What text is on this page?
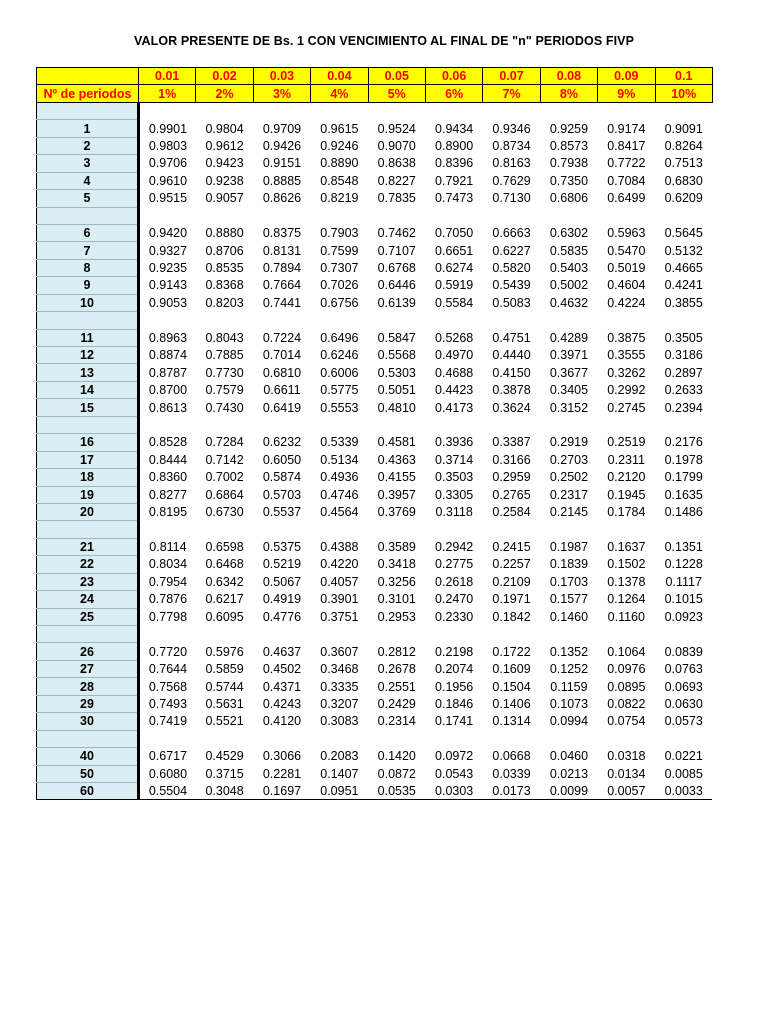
VALOR PRESENTE DE Bs. 1 CON VENCIMIENTO AL FINAL DE "n" PERIODOS FIVP
	0.01	0.02	0.03	0.04	0.05	0.06	0.07	0.08	0.09	0.1
Nº de periodos	1%	2%	3%	4%	5%	6%	7%	8%	9%	10%

1	0.9901	0.9804	0.9709	0.9615	0.9524	0.9434	0.9346	0.9259	0.9174	0.9091
2	0.9803	0.9612	0.9426	0.9246	0.9070	0.8900	0.8734	0.8573	0.8417	0.8264
3	0.9706	0.9423	0.9151	0.8890	0.8638	0.8396	0.8163	0.7938	0.7722	0.7513
4	0.9610	0.9238	0.8885	0.8548	0.8227	0.7921	0.7629	0.7350	0.7084	0.6830
5	0.9515	0.9057	0.8626	0.8219	0.7835	0.7473	0.7130	0.6806	0.6499	0.6209

6	0.9420	0.8880	0.8375	0.7903	0.7462	0.7050	0.6663	0.6302	0.5963	0.5645
7	0.9327	0.8706	0.8131	0.7599	0.7107	0.6651	0.6227	0.5835	0.5470	0.5132
8	0.9235	0.8535	0.7894	0.7307	0.6768	0.6274	0.5820	0.5403	0.5019	0.4665
9	0.9143	0.8368	0.7664	0.7026	0.6446	0.5919	0.5439	0.5002	0.4604	0.4241
10	0.9053	0.8203	0.7441	0.6756	0.6139	0.5584	0.5083	0.4632	0.4224	0.3855

11	0.8963	0.8043	0.7224	0.6496	0.5847	0.5268	0.4751	0.4289	0.3875	0.3505
12	0.8874	0.7885	0.7014	0.6246	0.5568	0.4970	0.4440	0.3971	0.3555	0.3186
13	0.8787	0.7730	0.6810	0.6006	0.5303	0.4688	0.4150	0.3677	0.3262	0.2897
14	0.8700	0.7579	0.6611	0.5775	0.5051	0.4423	0.3878	0.3405	0.2992	0.2633
15	0.8613	0.7430	0.6419	0.5553	0.4810	0.4173	0.3624	0.3152	0.2745	0.2394

16	0.8528	0.7284	0.6232	0.5339	0.4581	0.3936	0.3387	0.2919	0.2519	0.2176
17	0.8444	0.7142	0.6050	0.5134	0.4363	0.3714	0.3166	0.2703	0.2311	0.1978
18	0.8360	0.7002	0.5874	0.4936	0.4155	0.3503	0.2959	0.2502	0.2120	0.1799
19	0.8277	0.6864	0.5703	0.4746	0.3957	0.3305	0.2765	0.2317	0.1945	0.1635
20	0.8195	0.6730	0.5537	0.4564	0.3769	0.3118	0.2584	0.2145	0.1784	0.1486

21	0.8114	0.6598	0.5375	0.4388	0.3589	0.2942	0.2415	0.1987	0.1637	0.1351
22	0.8034	0.6468	0.5219	0.4220	0.3418	0.2775	0.2257	0.1839	0.1502	0.1228
23	0.7954	0.6342	0.5067	0.4057	0.3256	0.2618	0.2109	0.1703	0.1378	0.1117
24	0.7876	0.6217	0.4919	0.3901	0.3101	0.2470	0.1971	0.1577	0.1264	0.1015
25	0.7798	0.6095	0.4776	0.3751	0.2953	0.2330	0.1842	0.1460	0.1160	0.0923

26	0.7720	0.5976	0.4637	0.3607	0.2812	0.2198	0.1722	0.1352	0.1064	0.0839
27	0.7644	0.5859	0.4502	0.3468	0.2678	0.2074	0.1609	0.1252	0.0976	0.0763
28	0.7568	0.5744	0.4371	0.3335	0.2551	0.1956	0.1504	0.1159	0.0895	0.0693
29	0.7493	0.5631	0.4243	0.3207	0.2429	0.1846	0.1406	0.1073	0.0822	0.0630
30	0.7419	0.5521	0.4120	0.3083	0.2314	0.1741	0.1314	0.0994	0.0754	0.0573

40	0.6717	0.4529	0.3066	0.2083	0.1420	0.0972	0.0668	0.0460	0.0318	0.0221
50	0.6080	0.3715	0.2281	0.1407	0.0872	0.0543	0.0339	0.0213	0.0134	0.0085
60	0.5504	0.3048	0.1697	0.0951	0.0535	0.0303	0.0173	0.0099	0.0057	0.0033
